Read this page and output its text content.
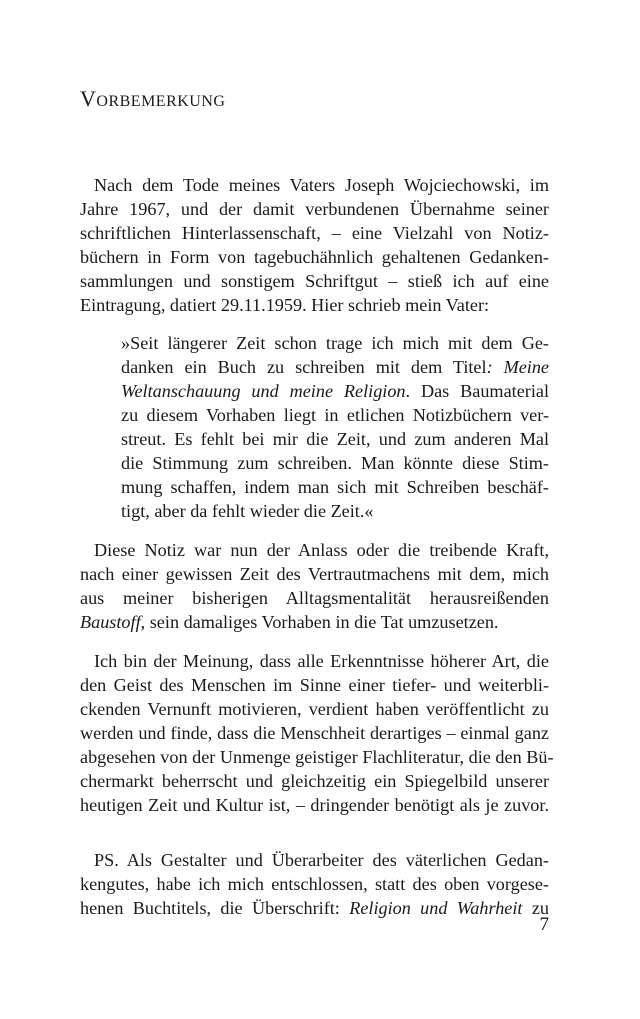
VORBEMERKUNG
Nach dem Tode meines Vaters Joseph Wojciechowski, im
Jahre 1967, und der damit verbundenen Übernahme seiner
schriftlichen Hinterlassenschaft, – eine Vielzahl von Notiz-
büchern in Form von tagebuchähnlich gehaltenen Gedanken-
sammlungen und sonstigem Schriftgut – stieß ich auf eine
Eintragung, datiert 29.11.1959. Hier schrieb mein Vater:
»Seit längerer Zeit schon trage ich mich mit dem Ge-
danken ein Buch zu schreiben mit dem Titel: Meine
Weltanschauung und meine Religion. Das Baumaterial
zu diesem Vorhaben liegt in etlichen Notizbüchern ver-
streut. Es fehlt bei mir die Zeit, und zum anderen Mal
die Stimmung zum schreiben. Man könnte diese Stim-
mung schaffen, indem man sich mit Schreiben beschäf-
tigt, aber da fehlt wieder die Zeit.«
Diese Notiz war nun der Anlass oder die treibende Kraft,
nach einer gewissen Zeit des Vertrautmachens mit dem, mich
aus meiner bisherigen Alltagsmentalität herausreißenden
Baustoff, sein damaliges Vorhaben in die Tat umzusetzen.
Ich bin der Meinung, dass alle Erkenntnisse höherer Art, die
den Geist des Menschen im Sinne einer tiefer- und weiterbli-
ckenden Vernunft motivieren, verdient haben veröffentlicht zu
werden und finde, dass die Menschheit derartiges – einmal ganz
abgesehen von der Unmenge geistiger Flachliteratur, die den Bü-
chermarkt beherrscht und gleichzeitig ein Spiegelbild unserer
heutigen Zeit und Kultur ist, – dringender benötigt als je zuvor.
PS. Als Gestalter und Überarbeiter des väterlichen Gedan-
kengutes, habe ich mich entschlossen, statt des oben vorgese-
henen Buchtitels, die Überschrift: Religion und Wahrheit zu
7
